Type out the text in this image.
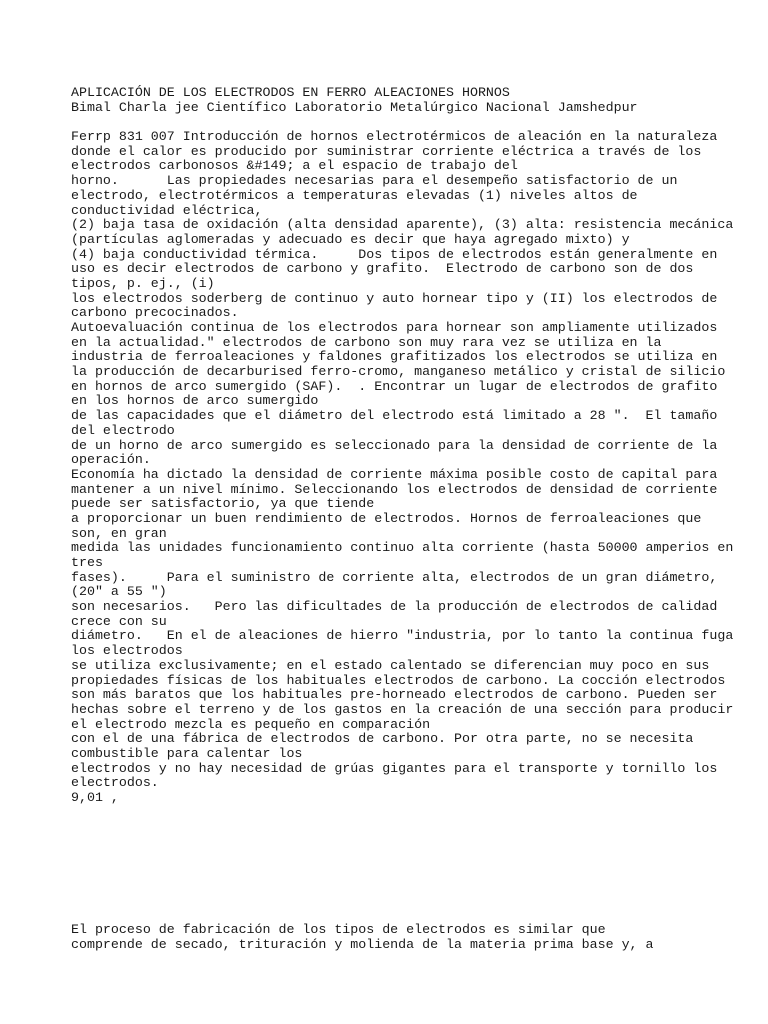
APLICACIÓN DE LOS ELECTRODOS EN FERRO ALEACIONES HORNOS
Bimal Charla jee Científico Laboratorio Metalúrgico Nacional Jamshedpur
Ferrp 831 007 Introducción de hornos electrotérmicos de aleación en la naturaleza
donde el calor es producido por suministrar corriente eléctrica a través de los
electrodos carbonosos &#149; a el espacio de trabajo del
horno.      Las propiedades necesarias para el desempeño satisfactorio de un
electrodo, electrotérmicos a temperaturas elevadas (1) niveles altos de
conductividad eléctrica,
(2) baja tasa de oxidación (alta densidad aparente), (3) alta: resistencia mecánica
(partículas aglomeradas y adecuado es decir que haya agregado mixto) y
(4) baja conductividad térmica.     Dos tipos de electrodos están generalmente en
uso es decir electrodos de carbono y grafito.  Electrodo de carbono son de dos
tipos, p. ej., (i)
los electrodos soderberg de continuo y auto hornear tipo y (II) los electrodos de
carbono precocinados.
Autoevaluación continua de los electrodos para hornear son ampliamente utilizados
en la actualidad." electrodos de carbono son muy rara vez se utiliza en la
industria de ferroaleaciones y faldones grafitizados los electrodos se utiliza en
la producción de decarburised ferro-cromo, manganeso metálico y cristal de silicio
en hornos de arco sumergido (SAF).  . Encontrar un lugar de electrodos de grafito
en los hornos de arco sumergido
de las capacidades que el diámetro del electrodo está limitado a 28 ".  El tamaño
del electrodo
de un horno de arco sumergido es seleccionado para la densidad de corriente de la
operación.
Economía ha dictado la densidad de corriente máxima posible costo de capital para
mantener a un nivel mínimo. Seleccionando los electrodos de densidad de corriente
puede ser satisfactorio, ya que tiende
a proporcionar un buen rendimiento de electrodos. Hornos de ferroaleaciones que
son, en gran
medida las unidades funcionamiento continuo alta corriente (hasta 50000 amperios en
tres
fases).     Para el suministro de corriente alta, electrodos de un gran diámetro,
(20" a 55 ")
son necesarios.   Pero las dificultades de la producción de electrodos de calidad
crece con su
diámetro.   En el de aleaciones de hierro "industria, por lo tanto la continua fuga
los electrodos
se utiliza exclusivamente; en el estado calentado se diferencian muy poco en sus
propiedades físicas de los habituales electrodos de carbono. La cocción electrodos
son más baratos que los habituales pre-horneado electrodos de carbono. Pueden ser
hechas sobre el terreno y de los gastos en la creación de una sección para producir
el electrodo mezcla es pequeño en comparación
con el de una fábrica de electrodos de carbono. Por otra parte, no se necesita
combustible para calentar los
electrodos y no hay necesidad de grúas gigantes para el transporte y tornillo los
electrodos.
9,01 ,
El proceso de fabricación de los tipos de electrodos es similar que
comprende de secado, trituración y molienda de la materia prima base y, a
